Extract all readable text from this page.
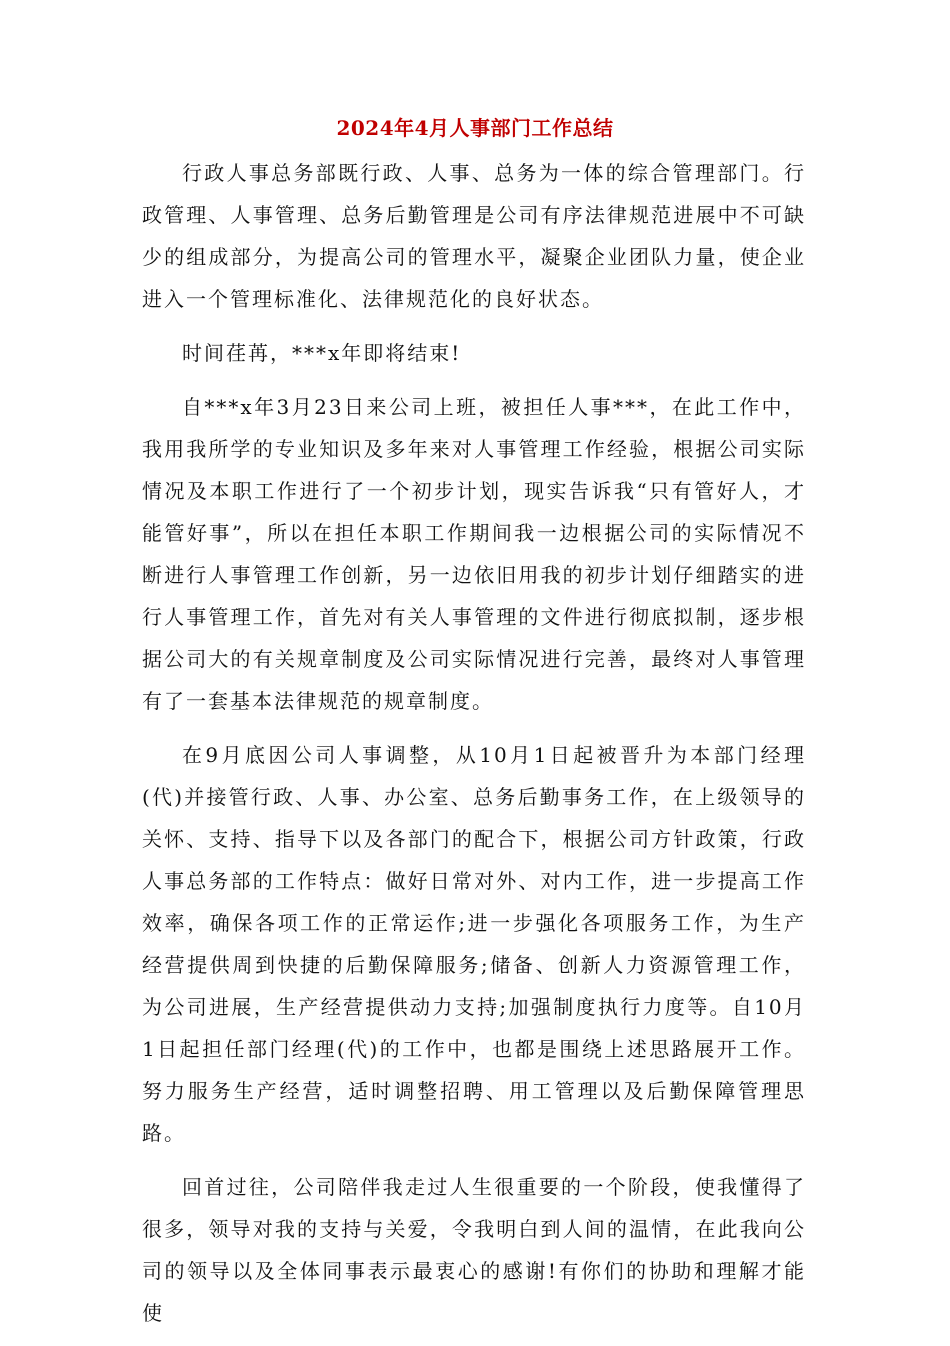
2024年4月人事部门工作总结

行政人事总务部既行政、人事、总务为一体的综合管理部门。行政管理、人事管理、总务后勤管理是公司有序法律规范进展中不可缺少的组成部分，为提高公司的管理水平，凝聚企业团队力量，使企业进入一个管理标准化、法律规范化的良好状态。

时间荏苒，***x年即将结束!

自***x年3月23日来公司上班，被担任人事***，在此工作中，我用我所学的专业知识及多年来对人事管理工作经验，根据公司实际情况及本职工作进行了一个初步计划，现实告诉我“只有管好人，才能管好事”，所以在担任本职工作期间我一边根据公司的实际情况不断进行人事管理工作创新，另一边依旧用我的初步计划仔细踏实的进行人事管理工作，首先对有关人事管理的文件进行彻底拟制，逐步根据公司大的有关规章制度及公司实际情况进行完善，最终对人事管理有了一套基本法律规范的规章制度。

在9月底因公司人事调整，从10月1日起被晋升为本部门经理(代)并接管行政、人事、办公室、总务后勤事务工作，在上级领导的关怀、支持、指导下以及各部门的配合下，根据公司方针政策，行政人事总务部的工作特点：做好日常对外、对内工作，进一步提高工作效率，确保各项工作的正常运作;进一步强化各项服务工作，为生产经营提供周到快捷的后勤保障服务;储备、创新人力资源管理工作，为公司进展，生产经营提供动力支持;加强制度执行力度等。自10月1日起担任部门经理(代)的工作中，也都是围绕上述思路展开工作。努力服务生产经营，适时调整招聘、用工管理以及后勤保障管理思路。

回首过往，公司陪伴我走过人生很重要的一个阶段，使我懂得了很多，领导对我的支持与关爱，令我明白到人间的温情，在此我向公司的领导以及全体同事表示最衷心的感谢!有你们的协助和理解才能使
